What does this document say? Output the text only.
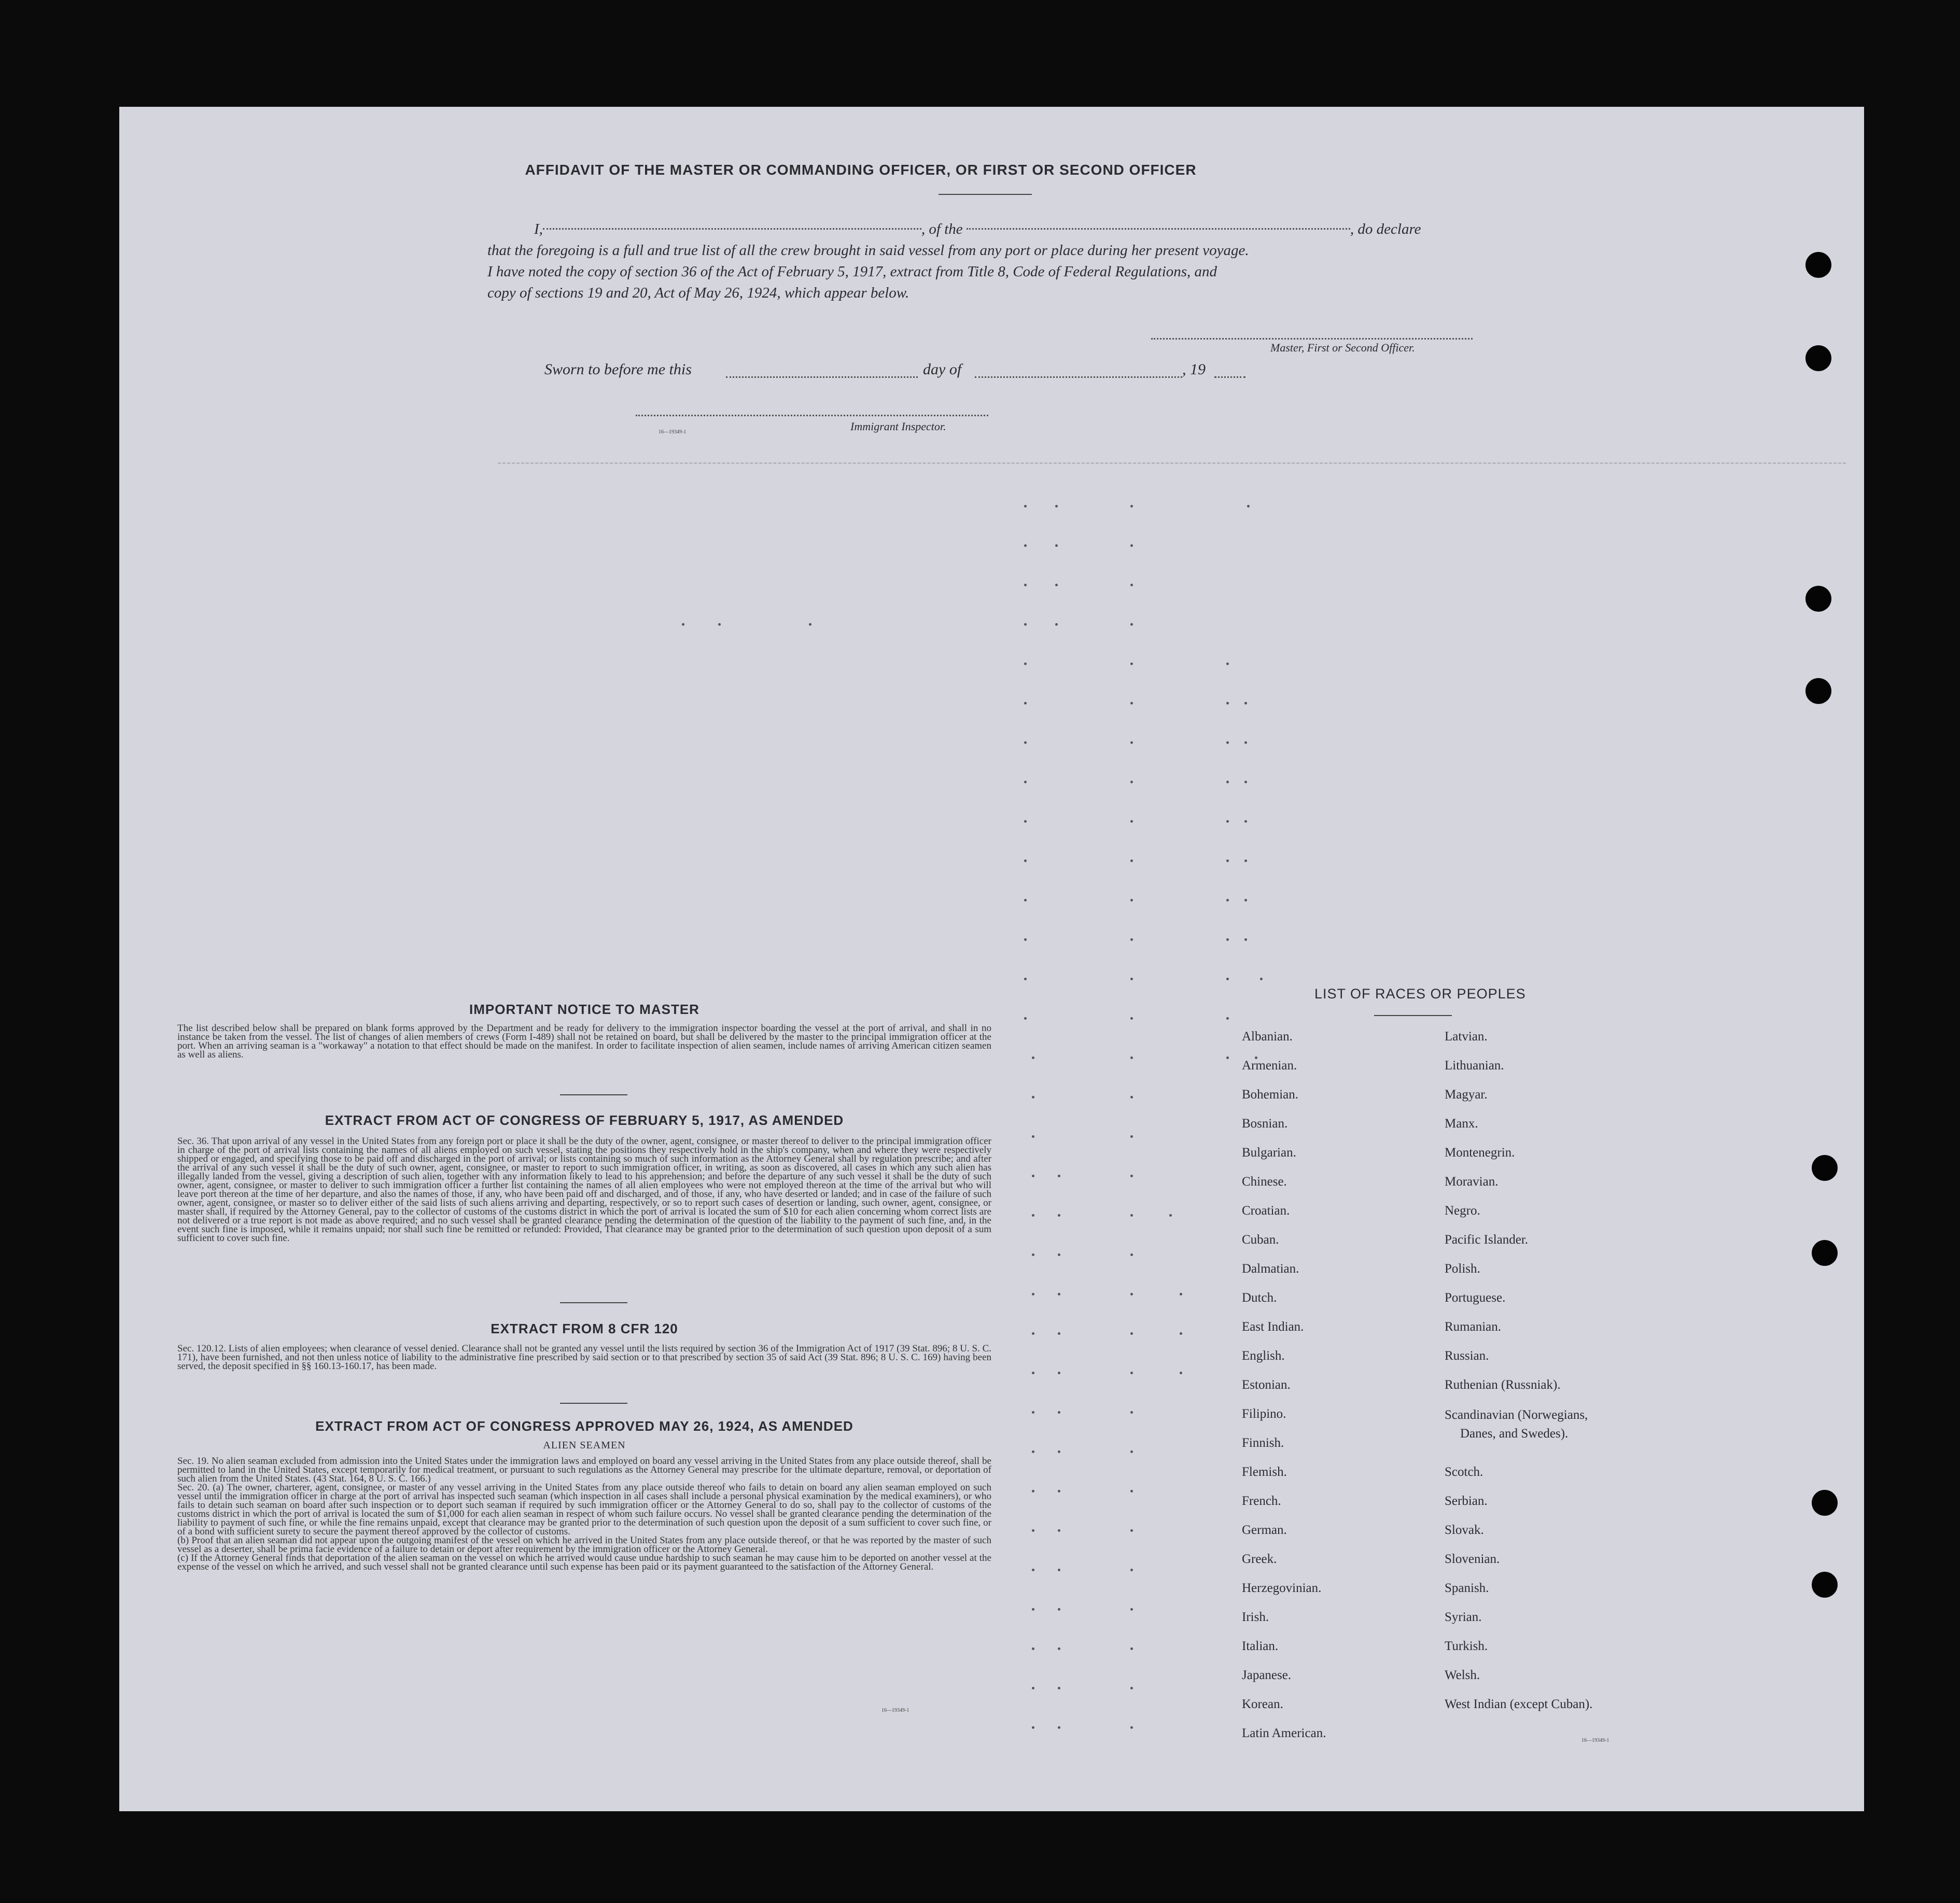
AFFIDAVIT OF THE MASTER OR COMMANDING OFFICER, OR FIRST OR SECOND OFFICER

I,	, of the	, do declare

that the foregoing is a full and true list of all the crew brought in said vessel from any port or place during her present voyage.

I have noted the copy of section 36 of the Act of February 5, 1917, extract from Title 8, Code of Federal Regulations, and

copy of sections 19 and 20, Act of May 26, 1924, which appear below.

Master, First or Second Officer.
Sworn to before me this	day of	, 19
16—19349-1	Immigrant Inspector.
IMPORTANT NOTICE TO MASTER
The list described below shall be prepared on blank forms approved by the Department and be ready for delivery to the immigration inspector boarding the vessel at the port of arrival, and shall in no instance be taken from the vessel. The list of changes of alien members of crews (Form I-489) shall not be retained on board, but shall be delivered by the master to the principal immigration officer at the port. When an arriving seaman is a "workaway" a notation to that effect should be made on the manifest. In order to facilitate inspection of alien seamen, include names of arriving American citizen seamen as well as aliens.
EXTRACT FROM ACT OF CONGRESS OF FEBRUARY 5, 1917, AS AMENDED
Sec. 36. That upon arrival of any vessel in the United States from any foreign port or place it shall be the duty of the owner, agent, consignee, or master thereof to deliver to the principal immigration officer in charge of the port of arrival lists containing the names of all aliens employed on such vessel, stating the positions they respectively hold in the ship's company, when and where they were respectively shipped or engaged, and specifying those to be paid off and discharged in the port of arrival; or lists containing so much of such information as the Attorney General shall by regulation prescribe; and after the arrival of any such vessel it shall be the duty of such owner, agent, consignee, or master to report to such immigration officer, in writing, as soon as discovered, all cases in which any such alien has illegally landed from the vessel, giving a description of such alien, together with any information likely to lead to his apprehension; and before the departure of any such vessel it shall be the duty of such owner, agent, consignee, or master to deliver to such immigration officer a further list containing the names of all alien employees who were not employed thereon at the time of the arrival but who will leave port thereon at the time of her departure, and also the names of those, if any, who have been paid off and discharged, and of those, if any, who have deserted or landed; and in case of the failure of such owner, agent, consignee, or master so to deliver either of the said lists of such aliens arriving and departing, respectively, or so to report such cases of desertion or landing, such owner, agent, consignee, or master shall, if required by the Attorney General, pay to the collector of customs of the customs district in which the port of arrival is located the sum of $10 for each alien concerning whom correct lists are not delivered or a true report is not made as above required; and no such vessel shall be granted clearance pending the determination of the question of the liability to the payment of such fine, and, in the event such fine is imposed, while it remains unpaid; nor shall such fine be remitted or refunded: Provided, That clearance may be granted prior to the determination of such question upon deposit of a sum sufficient to cover such fine.
EXTRACT FROM 8 CFR 120
Sec. 120.12. Lists of alien employees; when clearance of vessel denied. Clearance shall not be granted any vessel until the lists required by section 36 of the Immigration Act of 1917 (39 Stat. 896; 8 U. S. C. 171), have been furnished, and not then unless notice of liability to the administrative fine prescribed by said section or to that prescribed by section 35 of said Act (39 Stat. 896; 8 U. S. C. 169) having been served, the deposit specified in §§ 160.13-160.17, has been made.
EXTRACT FROM ACT OF CONGRESS APPROVED MAY 26, 1924, AS AMENDED
ALIEN SEAMEN
Sec. 19. No alien seaman excluded from admission into the United States under the immigration laws and employed on board any vessel arriving in the United States from any place outside thereof, shall be permitted to land in the United States, except temporarily for medical treatment, or pursuant to such regulations as the Attorney General may prescribe for the ultimate departure, removal, or deportation of such alien from the United States. (43 Stat. 164, 8 U. S. C. 166.)
Sec. 20. (a) The owner, charterer, agent, consignee, or master of any vessel arriving in the United States from any place outside thereof who fails to detain on board any alien seaman employed on such vessel until the immigration officer in charge at the port of arrival has inspected such seaman (which inspection in all cases shall include a personal physical examination by the medical examiners), or who fails to detain such seaman on board after such inspection or to deport such seaman if required by such immigration officer or the Attorney General to do so, shall pay to the collector of customs of the customs district in which the port of arrival is located the sum of $1,000 for each alien seaman in respect of whom such failure occurs. No vessel shall be granted clearance pending the determination of the liability to payment of such fine, or while the fine remains unpaid, except that clearance may be granted prior to the determination of such question upon the deposit of a sum sufficient to cover such fine, or of a bond with sufficient surety to secure the payment thereof approved by the collector of customs.
(b) Proof that an alien seaman did not appear upon the outgoing manifest of the vessel on which he arrived in the United States from any place outside thereof, or that he was reported by the master of such vessel as a deserter, shall be prima facie evidence of a failure to detain or deport after requirement by the immigration officer or the Attorney General.
(c) If the Attorney General finds that deportation of the alien seaman on the vessel on which he arrived would cause undue hardship to such seaman he may cause him to be deported on another vessel at the expense of the vessel on which he arrived, and such vessel shall not be granted clearance until such expense has been paid or its payment guaranteed to the satisfaction of the Attorney General.
16—19349-1
LIST OF RACES OR PEOPLES
Albanian.
Armenian.
Bohemian.
Bosnian.
Bulgarian.
Chinese.
Croatian.
Cuban.
Dalmatian.
Dutch.
East Indian.
English.
Estonian.
Filipino.
Finnish.
Flemish.
French.
German.
Greek.
Herzegovinian.
Irish.
Italian.
Japanese.
Korean.
Latin American.
Latvian.
Lithuanian.
Magyar.
Manx.
Montenegrin.
Moravian.
Negro.
Pacific Islander.
Polish.
Portuguese.
Rumanian.
Russian.
Ruthenian (Russniak).
Scandinavian (Norwegians,
Danes, and Swedes).
Scotch.
Serbian.
Slovak.
Slovenian.
Spanish.
Syrian.
Turkish.
Welsh.
West Indian (except Cuban).
16—19349-1
